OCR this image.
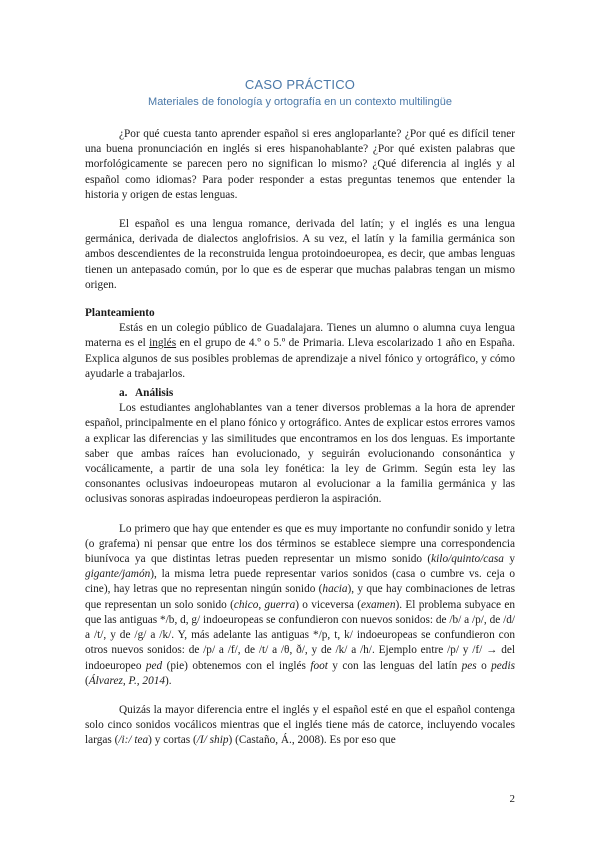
CASO PRÁCTICO
Materiales de fonología y ortografía en un contexto multilingüe

¿Por qué cuesta tanto aprender español si eres angloparlante? ¿Por qué es difícil tener una buena pronunciación en inglés si eres hispanohablante? ¿Por qué existen palabras que morfológicamente se parecen pero no significan lo mismo? ¿Qué diferencia al inglés y al español como idiomas? Para poder responder a estas preguntas tenemos que entender la historia y origen de estas lenguas.

El español es una lengua romance, derivada del latín; y el inglés es una lengua germánica, derivada de dialectos anglofrisios. A su vez, el latín y la familia germánica son ambos descendientes de la reconstruida lengua protoindoeuropea, es decir, que ambas lenguas tienen un antepasado común, por lo que es de esperar que muchas palabras tengan un mismo origen.

Planteamiento

Estás en un colegio público de Guadalajara. Tienes un alumno o alumna cuya lengua materna es el inglés en el grupo de 4.º o 5.º de Primaria. Lleva escolarizado 1 año en España. Explica algunos de sus posibles problemas de aprendizaje a nivel fónico y ortográfico, y cómo ayudarle a trabajarlos.

a. Análisis

Los estudiantes anglohablantes van a tener diversos problemas a la hora de aprender español, principalmente en el plano fónico y ortográfico. Antes de explicar estos errores vamos a explicar las diferencias y las similitudes que encontramos en los dos lenguas. Es importante saber que ambas raíces han evolucionado, y seguirán evolucionando consonántica y vocálicamente, a partir de una sola ley fonética: la ley de Grimm. Según esta ley las consonantes oclusivas indoeuropeas mutaron al evolucionar a la familia germánica y las oclusivas sonoras aspiradas indoeuropeas perdieron la aspiración.

Lo primero que hay que entender es que es muy importante no confundir sonido y letra (o grafema) ni pensar que entre los dos términos se establece siempre una correspondencia biunívoca ya que distintas letras pueden representar un mismo sonido (kilo/quinto/casa y gigante/jamón), la misma letra puede representar varios sonidos (casa o cumbre vs. ceja o cine), hay letras que no representan ningún sonido (hacia), y que hay combinaciones de letras que representan un solo sonido (chico, guerra) o viceversa (examen). El problema subyace en que las antiguas */b, d, g/ indoeuropeas se confundieron con nuevos sonidos: de /b/ a /p/, de /d/ a /t/, y de /g/ a /k/. Y, más adelante las antiguas */p, t, k/ indoeuropeas se confundieron con otros nuevos sonidos: de /p/ a /f/, de /t/ a /θ, ð/, y de /k/ a /h/. Ejemplo entre /p/ y /f/ → del indoeuropeo ped (pie) obtenemos con el inglés foot y con las lenguas del latín pes o pedis (Álvarez, P., 2014).

Quizás la mayor diferencia entre el inglés y el español esté en que el español contenga solo cinco sonidos vocálicos mientras que el inglés tiene más de catorce, incluyendo vocales largas (/i:/ tea) y cortas (/I/ ship) (Castaño, Á., 2008). Es por eso que

2
